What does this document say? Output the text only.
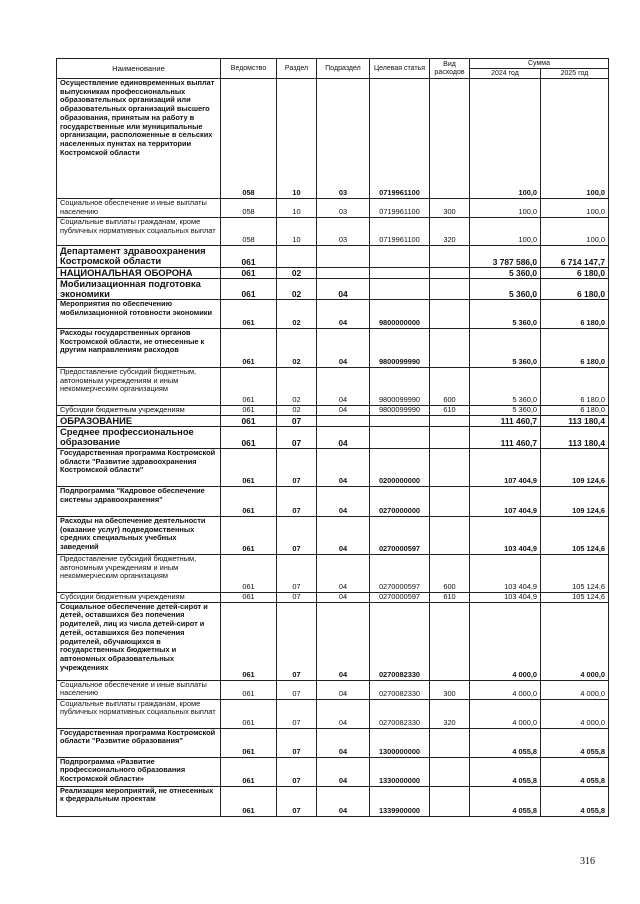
Наименование	Ведомство	Раздел	Подраздел	Целевая статья	Вид расходов	Сумма	
						2024 год	2025 год
Осуществление единовременных выплат выпускникам профессиональных образовательных организаций или образовательных организаций высшего образования, принятым на работу в государственные или муниципальные организации, расположенные в сельских населенных пунктах на территории Костромской области	058	10	03	0719961100		100,0	100,0
Социальное обеспечение и иные выплаты населению	058	10	03	0719961100	300	100,0	100,0
Социальные выплаты гражданам, кроме публичных нормативных социальных выплат	058	10	03	0719961100	320	100,0	100,0
Департамент здравоохранения Костромской области	061					3 787 586,0	6 714 147,7
НАЦИОНАЛЬНАЯ ОБОРОНА	061	02				5 360,0	6 180,0
Мобилизационная подготовка экономики	061	02	04			5 360,0	6 180,0
Мероприятия по обеспечению мобилизационной готовности экономики	061	02	04	9800000000		5 360,0	6 180,0
Расходы государственных органов Костромской области, не отнесенные к другим направлениям расходов	061	02	04	9800099990		5 360,0	6 180,0
Предоставление субсидий бюджетным, автономным учреждениям и иным некоммерческим организациям	061	02	04	9800099990	600	5 360,0	6 180,0
Субсидии бюджетным учреждениям	061	02	04	9800099990	610	5 360,0	6 180,0
ОБРАЗОВАНИЕ	061	07				111 460,7	113 180,4
Среднее профессиональное образование	061	07	04			111 460,7	113 180,4
Государственная программа Костромской области "Развитие здравоохранения Костромской области"	061	07	04	0200000000		107 404,9	109 124,6
Подпрограмма "Кадровое обеспечение системы здравоохранения"	061	07	04	0270000000		107 404,9	109 124,6
Расходы на обеспечение деятельности (оказание услуг) подведомственных средних специальных учебных заведений	061	07	04	0270000597		103 404,9	105 124,6
Предоставление субсидий бюджетным, автономным учреждениям и иным некоммерческим организациям	061	07	04	0270000597	600	103 404,9	105 124,6
Субсидии бюджетным учреждениям	061	07	04	0270000597	610	103 404,9	105 124,6
Социальное обеспечение детей-сирот и детей, оставшихся без попечения родителей, лиц из числа детей-сирот и детей, оставшихся без попечения родителей, обучающихся в государственных бюджетных и автономных образовательных учреждениях	061	07	04	0270082330		4 000,0	4 000,0
Социальное обеспечение и иные выплаты населению	061	07	04	0270082330	300	4 000,0	4 000,0
Социальные выплаты гражданам, кроме публичных нормативных социальных выплат	061	07	04	0270082330	320	4 000,0	4 000,0
Государственная программа Костромской области "Развитие образования"	061	07	04	1300000000		4 055,8	4 055,8
Подпрограмма «Развитие профессионального образования Костромской области»	061	07	04	1330000000		4 055,8	4 055,8
Реализация мероприятий, не отнесенных к федеральным проектам	061	07	04	1339900000		4 055,8	4 055,8
316
